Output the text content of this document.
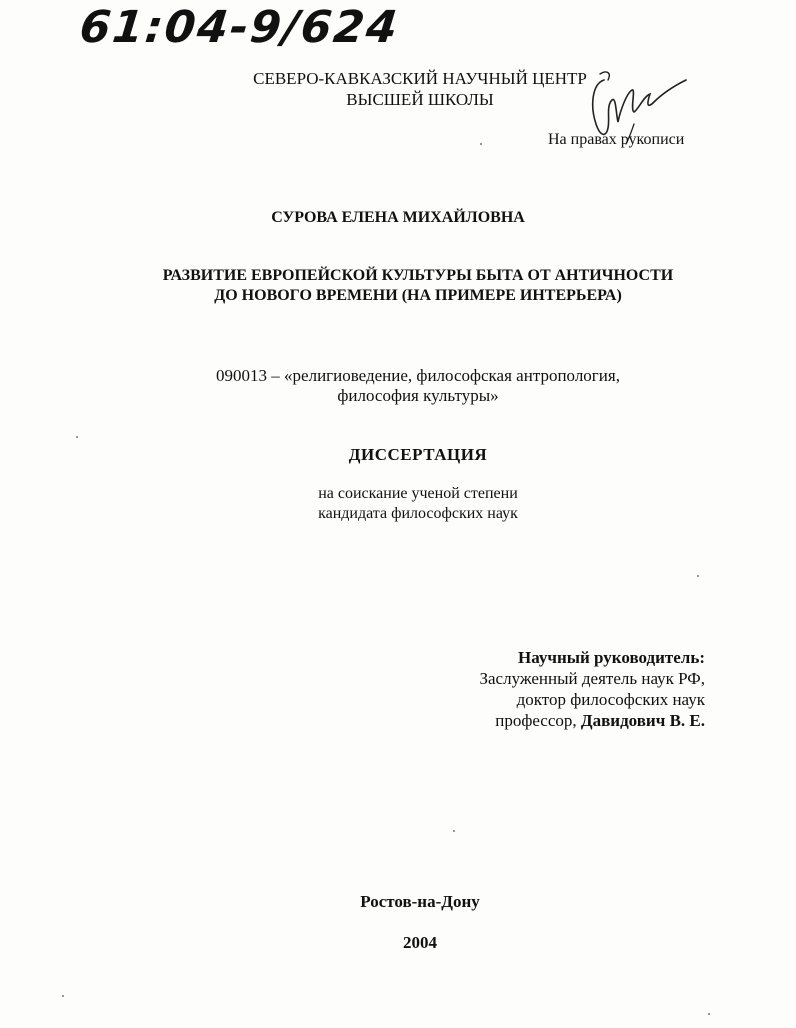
61:04-9/624
СЕВЕРО-КАВКАЗСКИЙ НАУЧНЫЙ ЦЕНТР
ВЫСШЕЙ ШКОЛЫ
На правах рукописи
СУРОВА ЕЛЕНА МИХАЙЛОВНА
РАЗВИТИЕ ЕВРОПЕЙСКОЙ КУЛЬТУРЫ БЫТА ОТ АНТИЧНОСТИ
ДО НОВОГО ВРЕМЕНИ (НА ПРИМЕРЕ ИНТЕРЬЕРА)
090013 – «религиоведение, философская антропология,
философия культуры»
ДИССЕРТАЦИЯ
на соискание ученой степени
кандидата философских наук
Научный руководитель:
Заслуженный деятель наук РФ,
доктор философских наук
профессор, Давидович В. Е.
Ростов-на-Дону
2004
